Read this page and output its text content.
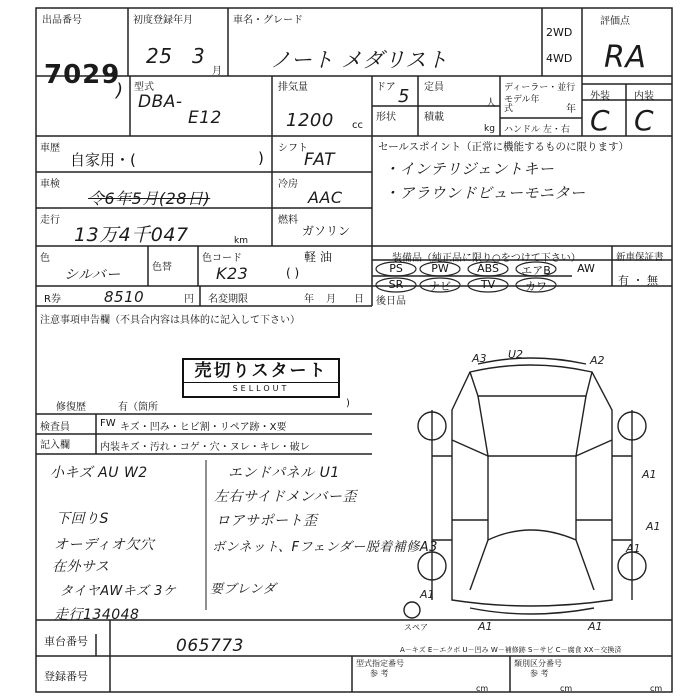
出品番号
7029
)
初度登録年月
25 3
月
車名・グレード
ノート メダリスト
2WD
4WD
評価点
RA
外装 内装
C C
型式
DBA-
E12
排気量
1200 cc
ドア 5 定員
人
形状	積載
kg
ディーラー・並行
モデル年式	年
ハンドル 左・右
車歴
自家用・(	)
シフト
FAT
セールスポイント（正常に機能するものに限ります）
・インテリジェントキー
・アラウンドビューモニター
車検
令6年5月(28日)
冷房
AAC
走行
13万4千047	km
燃料
ガソリン
軽 油
( )
装備品（純正品に限り○をつけて下さい）
PS	PW	ABS	エアB	AW
SR	ナビ	TV	カワ
新車保証書
有 ・ 無
色
シルバー	色替
色コード
K23
R券	8510	円 名変期限	年 月 日 後日品
注意事項申告欄（不具合内容は具体的に記入して下さい）
売切りスタート
SELLOUT
修復歴	有（箇所	)
検査員
記入欄
FW キズ・凹み・ヒビ割・リペア跡・X要
内装 キズ・汚れ・コゲ・穴・ヌレ・キレ・破レ
小キズ AU W2
下回りS
オーディオ欠穴
在外サス
タイヤAWキズ 3ケ
走行134048
エンドパネル U1
左右サイドメンバー歪
ロアサポート歪
ボンネット、Fフェンダー脱着補修A3
要ブレンダ
車台番号	065773
登録番号
型式指定番号
参 考
類別区分番号
参 考
cm	cm	cm
A－キズ E－エクボ U－凹み W－補修跡 S－サビ C－腐食 XX－交換済
A3 U2	A2
A1
A1
A1
A1	A1
A1
スペア
